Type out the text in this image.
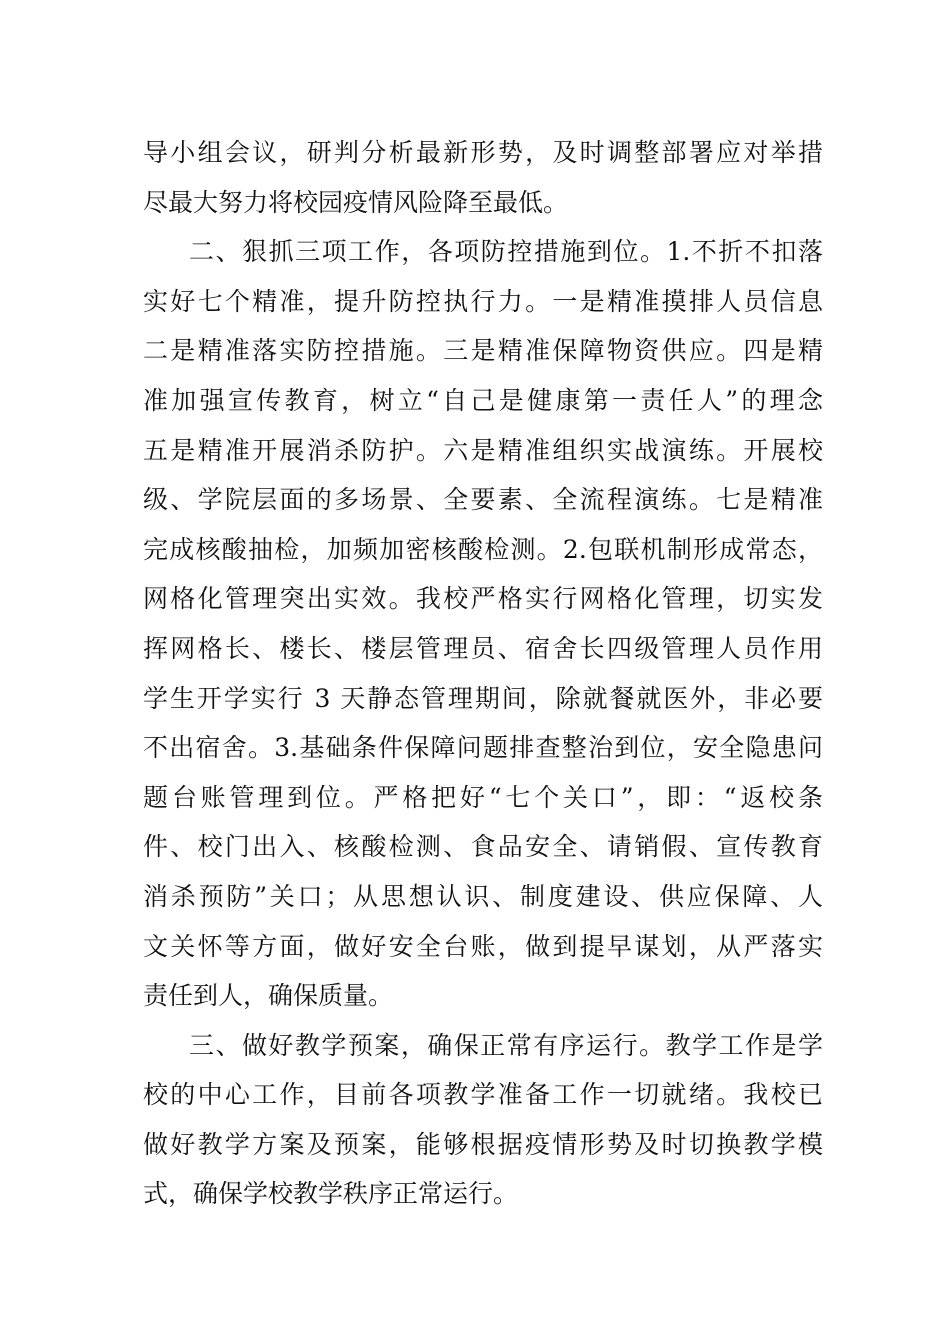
导小组会议，研判分析最新形势，及时调整部署应对举措
尽最大努力将校园疫情风险降至最低。
二、狠抓三项工作，各项防控措施到位。1.不折不扣落
实好七个精准，提升防控执行力。一是精准摸排人员信息
二是精准落实防控措施。三是精准保障物资供应。四是精
准加强宣传教育，树立“自己是健康第一责任人”的理念
五是精准开展消杀防护。六是精准组织实战演练。开展校
级、学院层面的多场景、全要素、全流程演练。七是精准
完成核酸抽检，加频加密核酸检测。2.包联机制形成常态，
网格化管理突出实效。我校严格实行网格化管理，切实发
挥网格长、楼长、楼层管理员、宿舍长四级管理人员作用
学生开学实行 3 天静态管理期间，除就餐就医外，非必要
不出宿舍。3.基础条件保障问题排查整治到位，安全隐患问
题台账管理到位。严格把好“七个关口”，即：“返校条
件、校门出入、核酸检测、食品安全、请销假、宣传教育
消杀预防”关口；从思想认识、制度建设、供应保障、人
文关怀等方面，做好安全台账，做到提早谋划，从严落实
责任到人，确保质量。
三、做好教学预案，确保正常有序运行。教学工作是学
校的中心工作，目前各项教学准备工作一切就绪。我校已
做好教学方案及预案，能够根据疫情形势及时切换教学模
式，确保学校教学秩序正常运行。
